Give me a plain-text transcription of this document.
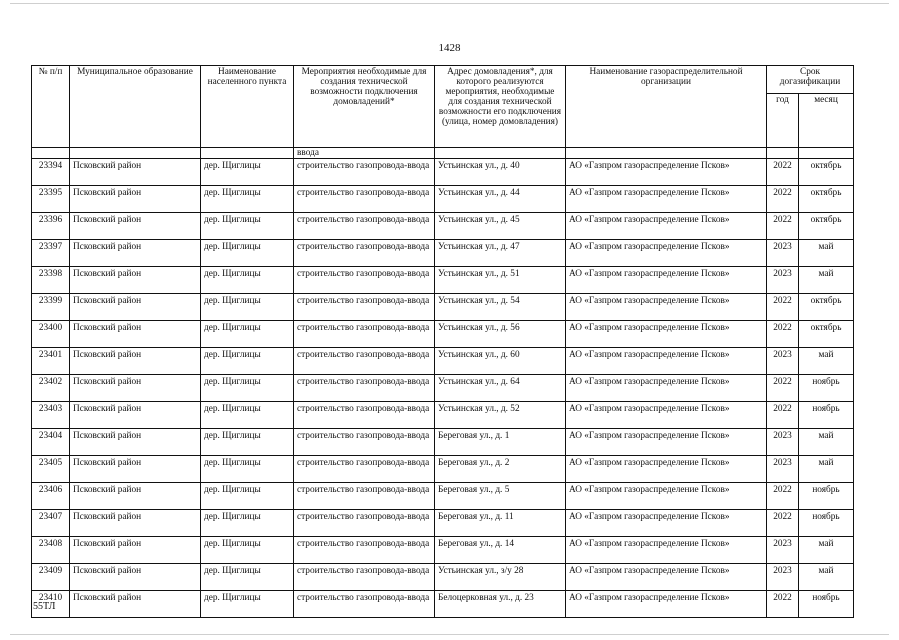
1428
№ п/п	Муниципальное образование	Наименование населенного пункта	Мероприятия необходимые для создания технической возможности подключения домовладений*	Адрес домовладения*, для которого реализуются мероприятия, необходимые для создания технической возможности его подключения (улица, номер домовладения)	Наименование газораспределительной организации	Срок догазификации	
						год	месяц
			ввода				
23394	Псковский район	дер. Щиглицы	строительство газопровода-ввода	Устьинская ул., д. 40	АО «Газпром газораспределение Псков»	2022	октябрь
23395	Псковский район	дер. Щиглицы	строительство газопровода-ввода	Устьинская ул., д. 44	АО «Газпром газораспределение Псков»	2022	октябрь
23396	Псковский район	дер. Щиглицы	строительство газопровода-ввода	Устьинская ул., д. 45	АО «Газпром газораспределение Псков»	2022	октябрь
23397	Псковский район	дер. Щиглицы	строительство газопровода-ввода	Устьинская ул., д. 47	АО «Газпром газораспределение Псков»	2023	май
23398	Псковский район	дер. Щиглицы	строительство газопровода-ввода	Устьинская ул., д. 51	АО «Газпром газораспределение Псков»	2023	май
23399	Псковский район	дер. Щиглицы	строительство газопровода-ввода	Устьинская ул., д. 54	АО «Газпром газораспределение Псков»	2022	октябрь
23400	Псковский район	дер. Щиглицы	строительство газопровода-ввода	Устьинская ул., д. 56	АО «Газпром газораспределение Псков»	2022	октябрь
23401	Псковский район	дер. Щиглицы	строительство газопровода-ввода	Устьинская ул., д. 60	АО «Газпром газораспределение Псков»	2023	май
23402	Псковский район	дер. Щиглицы	строительство газопровода-ввода	Устьинская ул., д. 64	АО «Газпром газораспределение Псков»	2022	ноябрь
23403	Псковский район	дер. Щиглицы	строительство газопровода-ввода	Устьинская ул., д. 52	АО «Газпром газораспределение Псков»	2022	ноябрь
23404	Псковский район	дер. Щиглицы	строительство газопровода-ввода	Береговая ул., д. 1	АО «Газпром газораспределение Псков»	2023	май
23405	Псковский район	дер. Щиглицы	строительство газопровода-ввода	Береговая ул., д. 2	АО «Газпром газораспределение Псков»	2023	май
23406	Псковский район	дер. Щиглицы	строительство газопровода-ввода	Береговая ул., д. 5	АО «Газпром газораспределение Псков»	2022	ноябрь
23407	Псковский район	дер. Щиглицы	строительство газопровода-ввода	Береговая ул., д. 11	АО «Газпром газораспределение Псков»	2022	ноябрь
23408	Псковский район	дер. Щиглицы	строительство газопровода-ввода	Береговая ул., д. 14	АО «Газпром газораспределение Псков»	2023	май
23409	Псковский район	дер. Щиглицы	строительство газопровода-ввода	Устьинская ул., з/у 28	АО «Газпром газораспределение Псков»	2023	май
23410	Псковский район	дер. Щиглицы	строительство газопровода-ввода	Белоцерковная ул., д. 23	АО «Газпром газораспределение Псков»	2022	ноябрь
55ТЛ
